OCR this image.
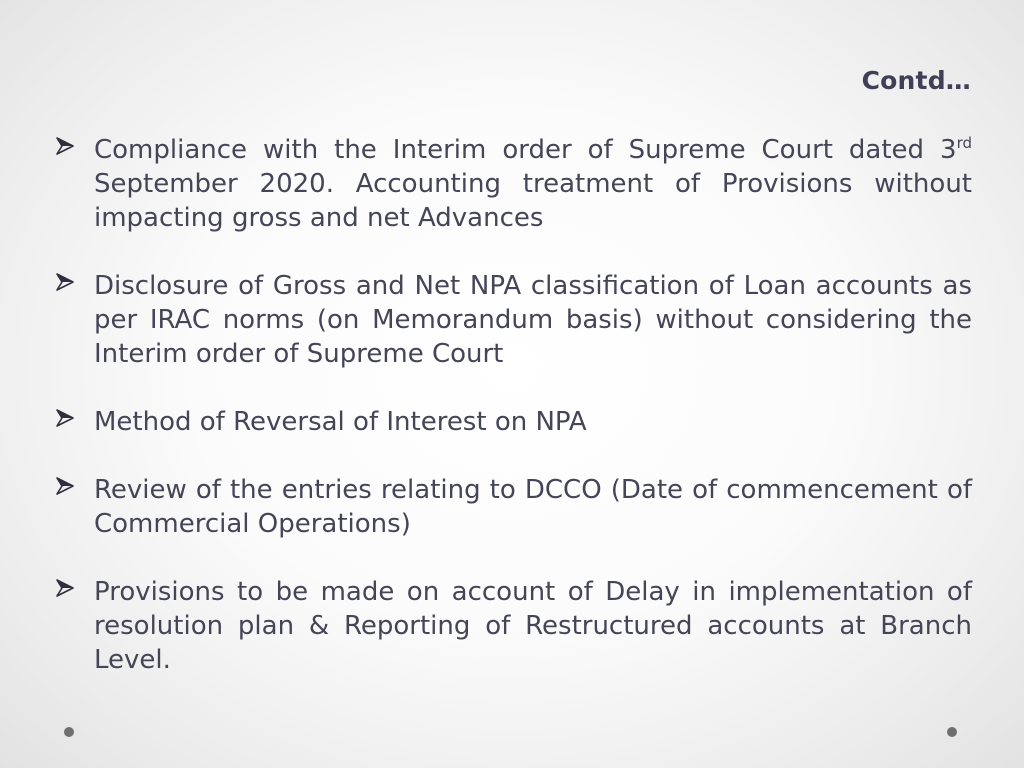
Contd…
Compliance with the Interim order of Supreme Court dated 3rd September 2020. Accounting treatment of Provisions without impacting gross and net Advances
Disclosure of Gross and Net NPA classification of Loan accounts as per IRAC norms (on Memorandum basis) without considering the Interim order of Supreme Court
Method of Reversal of Interest on NPA
Review of the entries relating to DCCO (Date of commencement of Commercial Operations)
Provisions to be made on account of Delay in implementation of resolution plan & Reporting of Restructured accounts at Branch Level.
